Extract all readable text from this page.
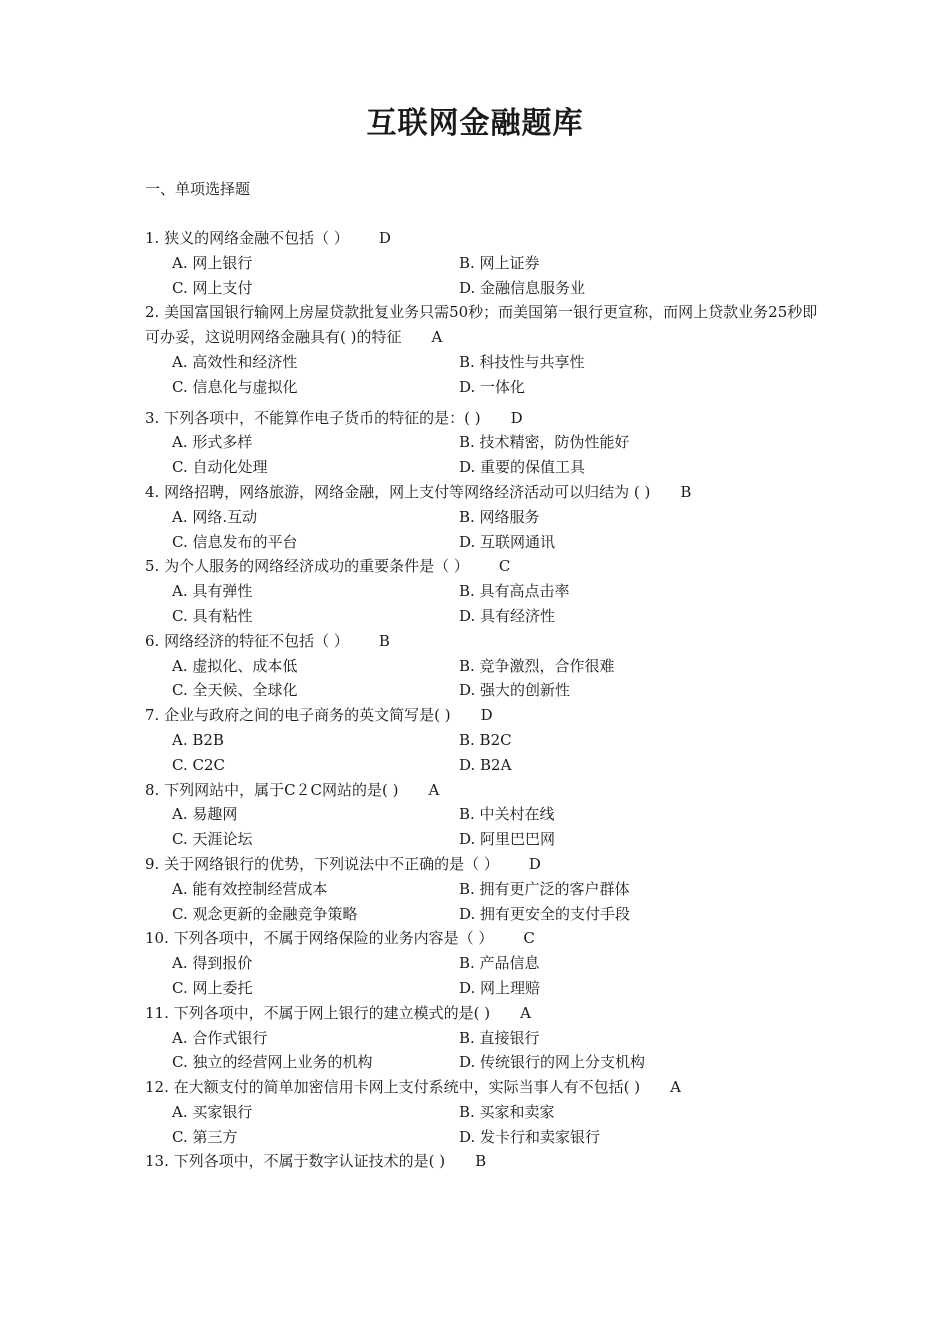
互联网金融题库
一、单项选择题
1. 狭义的网络金融不包括（ ） D
A. 网上银行	B. 网上证券
C. 网上支付	D. 金融信息服务业
2. 美国富国银行输网上房屋贷款批复业务只需50秒；而美国第一银行更宣称，而网上贷款业务25秒即可办妥，这说明网络金融具有( )的特征 A
A. 高效性和经济性	B. 科技性与共享性
C. 信息化与虚拟化	D. 一体化
3. 下列各项中，不能算作电子货币的特征的是：( ) D
A. 形式多样	B. 技术精密，防伪性能好
C. 自动化处理	D. 重要的保值工具
4. 网络招聘，网络旅游，网络金融，网上支付等网络经济活动可以归结为 ( ) B
A. 网络.互动	B. 网络服务
C. 信息发布的平台	D. 互联网通讯
5. 为个人服务的网络经济成功的重要条件是（ ） C
A. 具有弹性	B. 具有高点击率
C. 具有粘性	D. 具有经济性
6. 网络经济的特征不包括（ ） B
A. 虚拟化、成本低	B. 竞争激烈，合作很难
C. 全天候、全球化	D. 强大的创新性
7. 企业与政府之间的电子商务的英文简写是( ) D
A. B2B	B. B2C
C. C2C	D. B2A
8. 下列网站中，属于C２C网站的是( ) A
A. 易趣网	B. 中关村在线
C. 天涯论坛	D. 阿里巴巴网
9. 关于网络银行的优势，下列说法中不正确的是（ ） D
A. 能有效控制经营成本	B. 拥有更广泛的客户群体
C. 观念更新的金融竞争策略	D. 拥有更安全的支付手段
10. 下列各项中，不属于网络保险的业务内容是（ ） C
A. 得到报价	B. 产品信息
C. 网上委托	D. 网上理赔
11. 下列各项中，不属于网上银行的建立模式的是( ) A
A. 合作式银行	B. 直接银行
C. 独立的经营网上业务的机构	D. 传统银行的网上分支机构
12. 在大额支付的简单加密信用卡网上支付系统中，实际当事人有不包括( ) A
A. 买家银行	B. 买家和卖家
C. 第三方	D. 发卡行和卖家银行
13. 下列各项中，不属于数字认证技术的是( ) B
